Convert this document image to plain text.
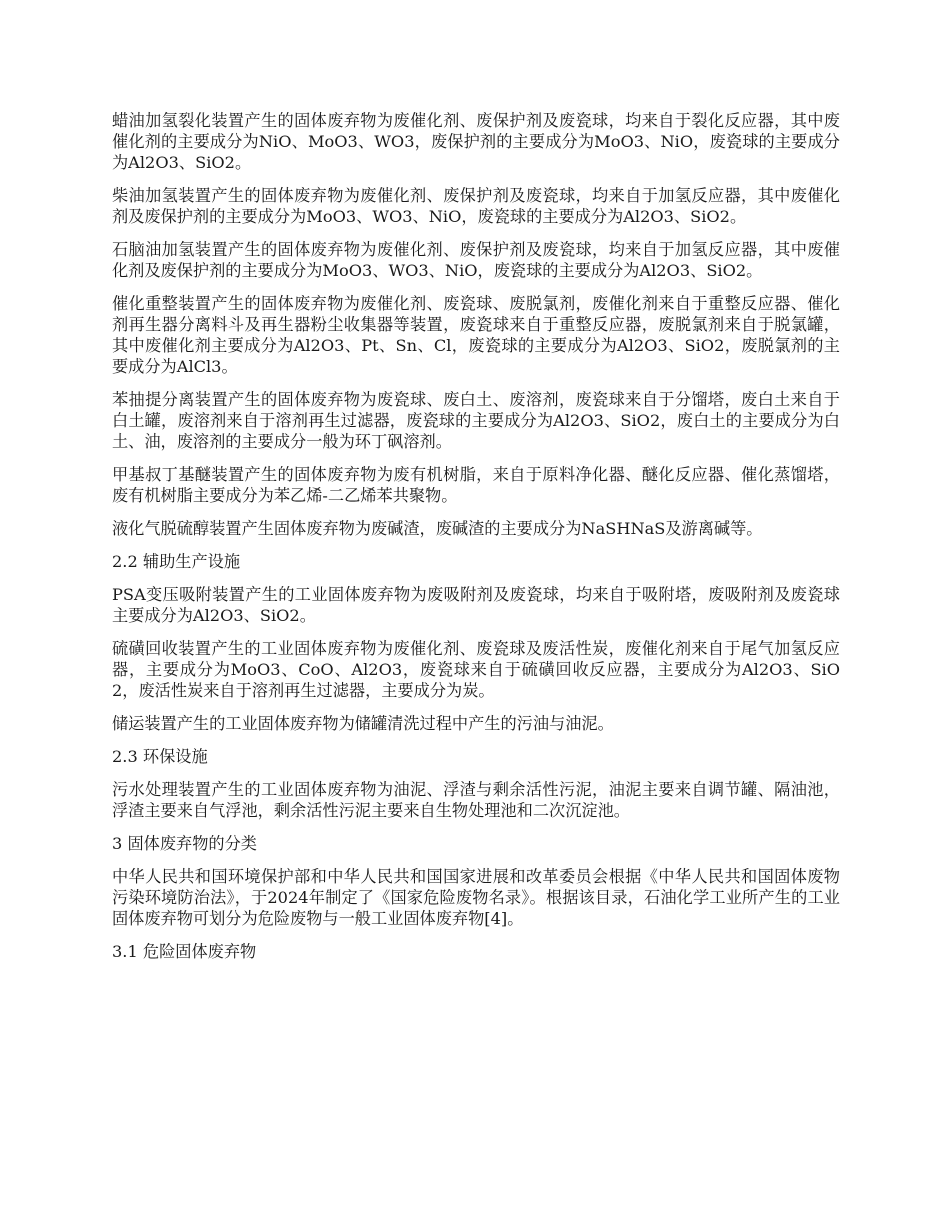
蜡油加氢裂化装置产生的固体废弃物为废催化剂、废保护剂及废瓷球，均来自于裂化反应器，其中废催化剂的主要成分为NiO、MoO3、WO3，废保护剂的主要成分为MoO3、NiO，废瓷球的主要成分为Al2O3、SiO2。

柴油加氢装置产生的固体废弃物为废催化剂、废保护剂及废瓷球，均来自于加氢反应器，其中废催化剂及废保护剂的主要成分为MoO3、WO3、NiO，废瓷球的主要成分为Al2O3、SiO2。

石脑油加氢装置产生的固体废弃物为废催化剂、废保护剂及废瓷球，均来自于加氢反应器，其中废催化剂及废保护剂的主要成分为MoO3、WO3、NiO，废瓷球的主要成分为Al2O3、SiO2。

催化重整装置产生的固体废弃物为废催化剂、废瓷球、废脱氯剂，废催化剂来自于重整反应器、催化剂再生器分离料斗及再生器粉尘收集器等装置，废瓷球来自于重整反应器，废脱氯剂来自于脱氯罐，其中废催化剂主要成分为Al2O3、Pt、Sn、Cl，废瓷球的主要成分为Al2O3、SiO2，废脱氯剂的主要成分为AlCl3。

苯抽提分离装置产生的固体废弃物为废瓷球、废白土、废溶剂，废瓷球来自于分馏塔，废白土来自于白土罐，废溶剂来自于溶剂再生过滤器，废瓷球的主要成分为Al2O3、SiO2，废白土的主要成分为白土、油，废溶剂的主要成分一般为环丁砜溶剂。

甲基叔丁基醚装置产生的固体废弃物为废有机树脂，来自于原料净化器、醚化反应器、催化蒸馏塔，废有机树脂主要成分为苯乙烯-二乙烯苯共聚物。

液化气脱硫醇装置产生固体废弃物为废碱渣，废碱渣的主要成分为NaSHNaS及游离碱等。

2.2 辅助生产设施

PSA变压吸附装置产生的工业固体废弃物为废吸附剂及废瓷球，均来自于吸附塔，废吸附剂及废瓷球主要成分为Al2O3、SiO2。

硫磺回收装置产生的工业固体废弃物为废催化剂、废瓷球及废活性炭，废催化剂来自于尾气加氢反应器，主要成分为MoO3、CoO、Al2O3，废瓷球来自于硫磺回收反应器，主要成分为Al2O3、SiO2，废活性炭来自于溶剂再生过滤器，主要成分为炭。

储运装置产生的工业固体废弃物为储罐清洗过程中产生的污油与油泥。

2.3 环保设施

污水处理装置产生的工业固体废弃物为油泥、浮渣与剩余活性污泥，油泥主要来自调节罐、隔油池，浮渣主要来自气浮池，剩余活性污泥主要来自生物处理池和二次沉淀池。

3 固体废弃物的分类

中华人民共和国环境保护部和中华人民共和国国家进展和改革委员会根据《中华人民共和国固体废物污染环境防治法》，于2024年制定了《国家危险废物名录》。根据该目录，石油化学工业所产生的工业固体废弃物可划分为危险废物与一般工业固体废弃物[4]。

3.1 危险固体废弃物
